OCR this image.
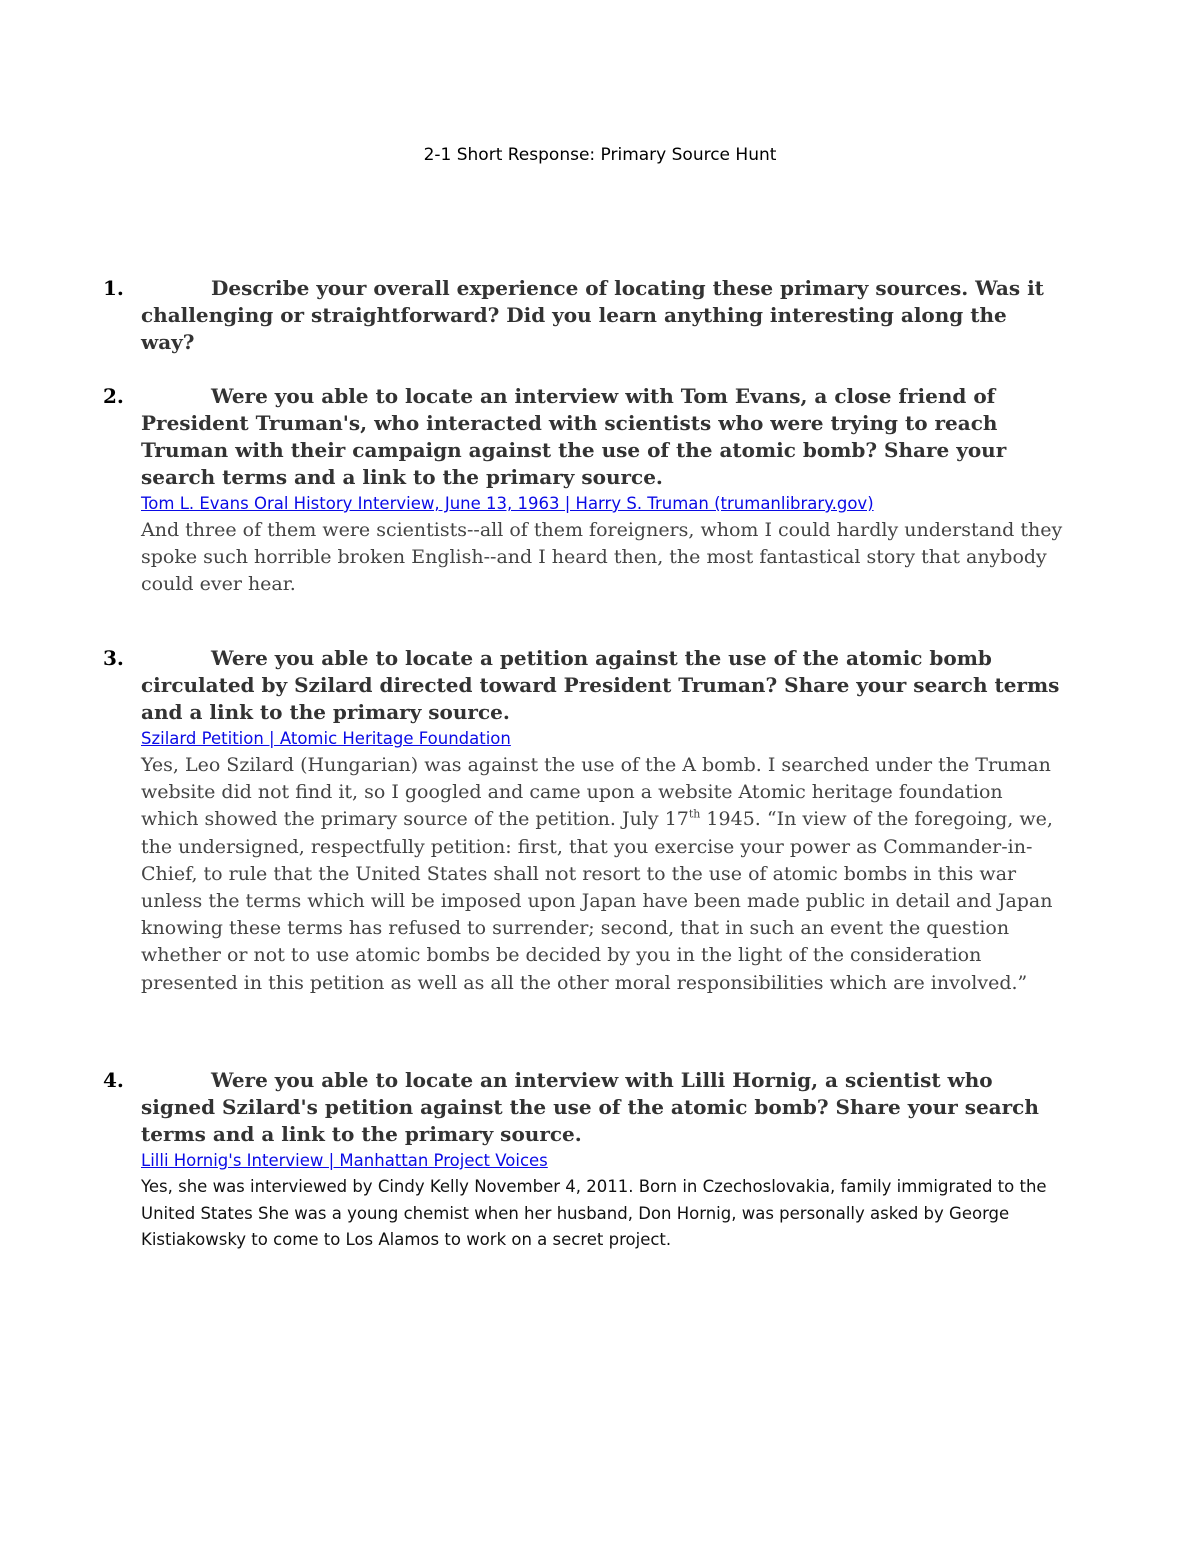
2-1 Short Response: Primary Source Hunt
1.	Describe your overall experience of locating these primary sources. Was it challenging or straightforward? Did you learn anything interesting along the way?
2.	Were you able to locate an interview with Tom Evans, a close friend of President Truman's, who interacted with scientists who were trying to reach Truman with their campaign against the use of the atomic bomb? Share your search terms and a link to the primary source.
Tom L. Evans Oral History Interview, June 13, 1963 | Harry S. Truman (trumanlibrary.gov)
And three of them were scientists--all of them foreigners, whom I could hardly understand they spoke such horrible broken English--and I heard then, the most fantastical story that anybody could ever hear.
3.	Were you able to locate a petition against the use of the atomic bomb circulated by Szilard directed toward President Truman? Share your search terms and a link to the primary source.
Szilard Petition | Atomic Heritage Foundation
Yes, Leo Szilard (Hungarian) was against the use of the A bomb. I searched under the Truman website did not find it, so I googled and came upon a website Atomic heritage foundation which showed the primary source of the petition. July 17th 1945. “In view of the foregoing, we, the undersigned, respectfully petition: first, that you exercise your power as Commander-in-Chief, to rule that the United States shall not resort to the use of atomic bombs in this war unless the terms which will be imposed upon Japan have been made public in detail and Japan knowing these terms has refused to surrender; second, that in such an event the question whether or not to use atomic bombs be decided by you in the light of the consideration presented in this petition as well as all the other moral responsibilities which are involved.”
4.	Were you able to locate an interview with Lilli Hornig, a scientist who signed Szilard's petition against the use of the atomic bomb? Share your search terms and a link to the primary source.
Lilli Hornig's Interview | Manhattan Project Voices
Yes, she was interviewed by Cindy Kelly November 4, 2011. Born in Czechoslovakia, family immigrated to the United States She was a young chemist when her husband, Don Hornig, was personally asked by George Kistiakowsky to come to Los Alamos to work on a secret project.
